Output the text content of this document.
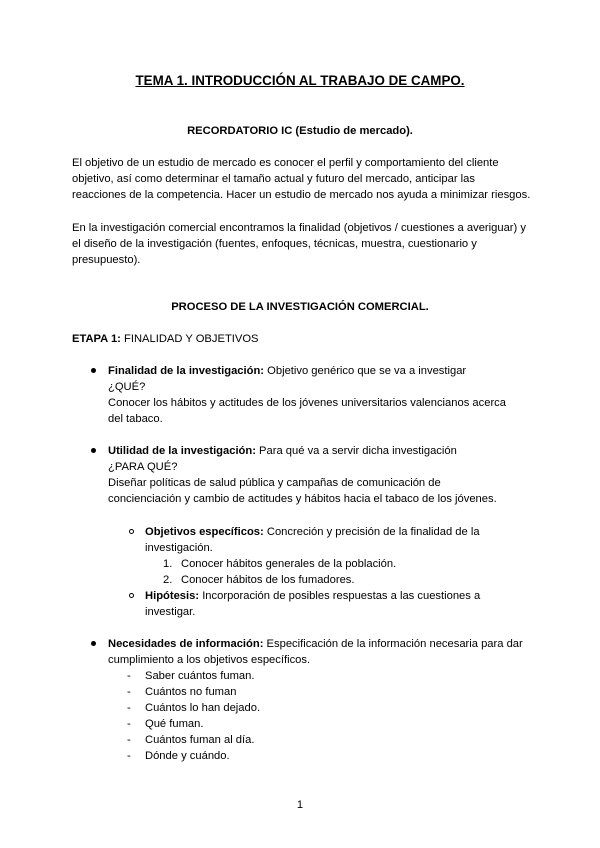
TEMA 1. INTRODUCCIÓN AL TRABAJO DE CAMPO.
RECORDATORIO IC (Estudio de mercado).
El objetivo de un estudio de mercado es conocer el perfil y comportamiento del cliente objetivo, así como determinar el tamaño actual y futuro del mercado, anticipar las reacciones de la competencia. Hacer un estudio de mercado nos ayuda a minimizar riesgos.
En la investigación comercial encontramos la finalidad (objetivos / cuestiones a averiguar) y el diseño de la investigación (fuentes, enfoques, técnicas, muestra, cuestionario y presupuesto).
PROCESO DE LA INVESTIGACIÓN COMERCIAL.
ETAPA 1: FINALIDAD Y OBJETIVOS
Finalidad de la investigación: Objetivo genérico que se va a investigar
¿QUÉ?
Conocer los hábitos y actitudes de los jóvenes universitarios valencianos acerca del tabaco.
Utilidad de la investigación: Para qué va a servir dicha investigación
¿PARA QUÉ?
Diseñar políticas de salud pública y campañas de comunicación de concienciación y cambio de actitudes y hábitos hacia el tabaco de los jóvenes.
Objetivos específicos: Concreción y precisión de la finalidad de la investigación.
1. Conocer hábitos generales de la población.
2. Conocer hábitos de los fumadores.
Hipótesis: Incorporación de posibles respuestas a las cuestiones a investigar.
Necesidades de información: Especificación de la información necesaria para dar cumplimiento a los objetivos específicos.
- Saber cuántos fuman.
- Cuántos no fuman
- Cuántos lo han dejado.
- Qué fuman.
- Cuántos fuman al día.
- Dónde y cuándo.
1
